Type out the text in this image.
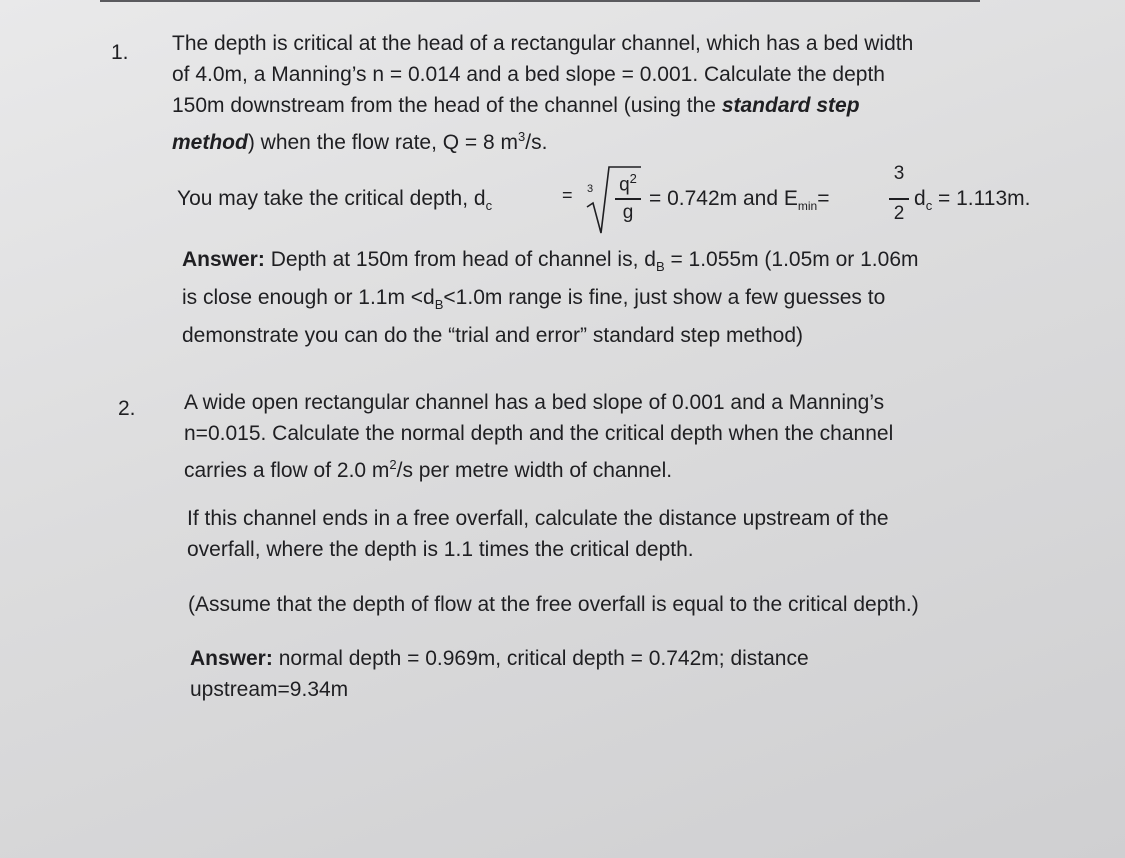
1. The depth is critical at the head of a rectangular channel, which has a bed width
of 4.0m, a Manning’s n = 0.014 and a bed slope = 0.001. Calculate the depth
150m downstream from the head of the channel (using the standard step
method) when the flow rate, Q = 8 $m^3/s$.
You may take the critical depth, $d_c$
= 3 $q^2$
g
= 0.742m and $E_{min}=$
3
2
$d_c = 1.113m$.
Answer: Depth at 150m from head of channel is, $d_B = 1.055m$ (1.05m or 1.06m
is close enough or $1.1m <d_B<1.0m$ range is fine, just show a few guesses to
demonstrate you can do the “trial and error” standard step method)
2. A wide open rectangular channel has a bed slope of 0.001 and a Manning’s
n=0.015. Calculate the normal depth and the critical depth when the channel
carries a flow of 2.0 $m^2/s$ per metre width of channel.
If this channel ends in a free overfall, calculate the distance upstream of the
overfall, where the depth is 1.1 times the critical depth.
(Assume that the depth of flow at the free overfall is equal to the critical depth.)
Answer: normal depth = 0.969m, critical depth = 0.742m; distance
upstream=9.34m
